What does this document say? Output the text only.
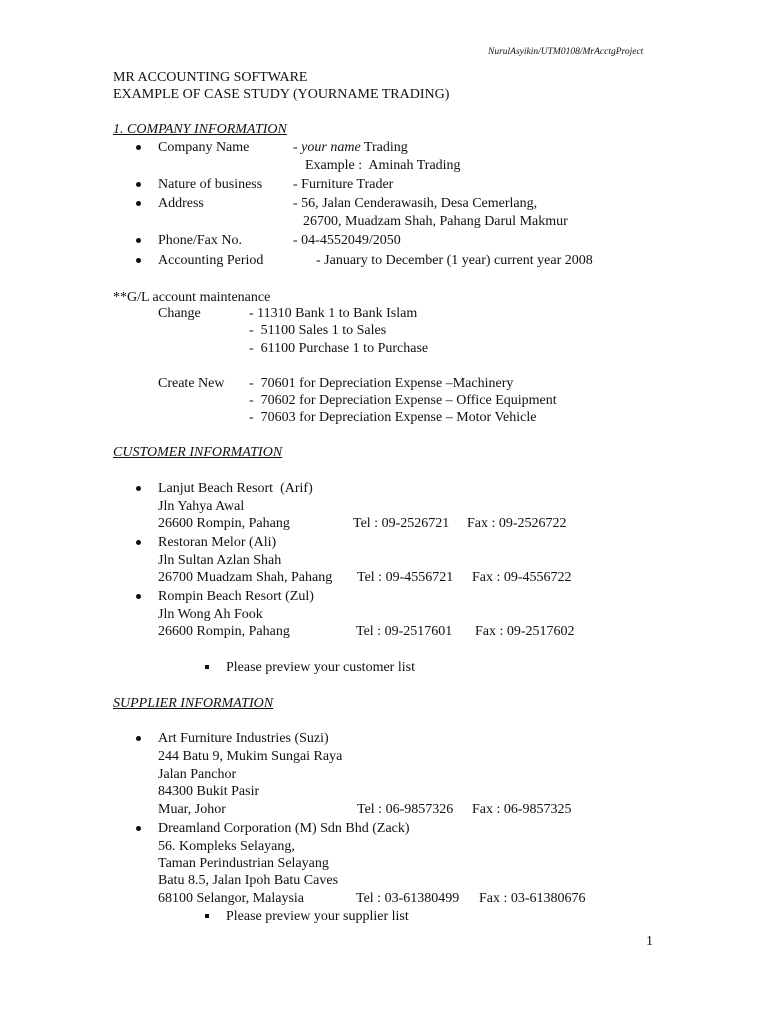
NurulAsyikin/UTM0108/MrAcctgProject
MR ACCOUNTING SOFTWARE
EXAMPLE OF CASE STUDY (YOURNAME TRADING)
1. COMPANY INFORMATION
Company Name	- your name Trading
Example :  Aminah Trading
Nature of business - Furniture Trader
Address	- 56, Jalan Cenderawasih, Desa Cemerlang,
26700, Muadzam Shah, Pahang Darul Makmur
Phone/Fax No.	- 04-4552049/2050
Accounting Period	- January to December (1 year) current year 2008
**G/L account maintenance
Change	- 11310 Bank 1 to Bank Islam
-  51100 Sales 1 to Sales
-  61100 Purchase 1 to Purchase
Create New -  70601 for Depreciation Expense –Machinery
-  70602 for Depreciation Expense – Office Equipment
-  70603 for Depreciation Expense – Motor Vehicle
CUSTOMER INFORMATION
Lanjut Beach Resort  (Arif)
Jln Yahya Awal
26600 Rompin, Pahang	Tel : 09-2526721 Fax : 09-2526722
Restoran Melor (Ali)
Jln Sultan Azlan Shah
26700 Muadzam Shah, Pahang Tel : 09-4556721 Fax : 09-4556722
Rompin Beach Resort (Zul)
Jln Wong Ah Fook
26600 Rompin, Pahang	Tel : 09-2517601 Fax : 09-2517602
Please preview your customer list
SUPPLIER INFORMATION
Art Furniture Industries (Suzi)
244 Batu 9, Mukim Sungai Raya
Jalan Panchor
84300 Bukit Pasir
Muar, Johor	Tel : 06-9857326 Fax : 06-9857325
Dreamland Corporation (M) Sdn Bhd (Zack)
56. Kompleks Selayang,
Taman Perindustrian Selayang
Batu 8.5, Jalan Ipoh Batu Caves
68100 Selangor, Malaysia	Tel : 03-61380499 Fax : 03-61380676
Please preview your supplier list
1
